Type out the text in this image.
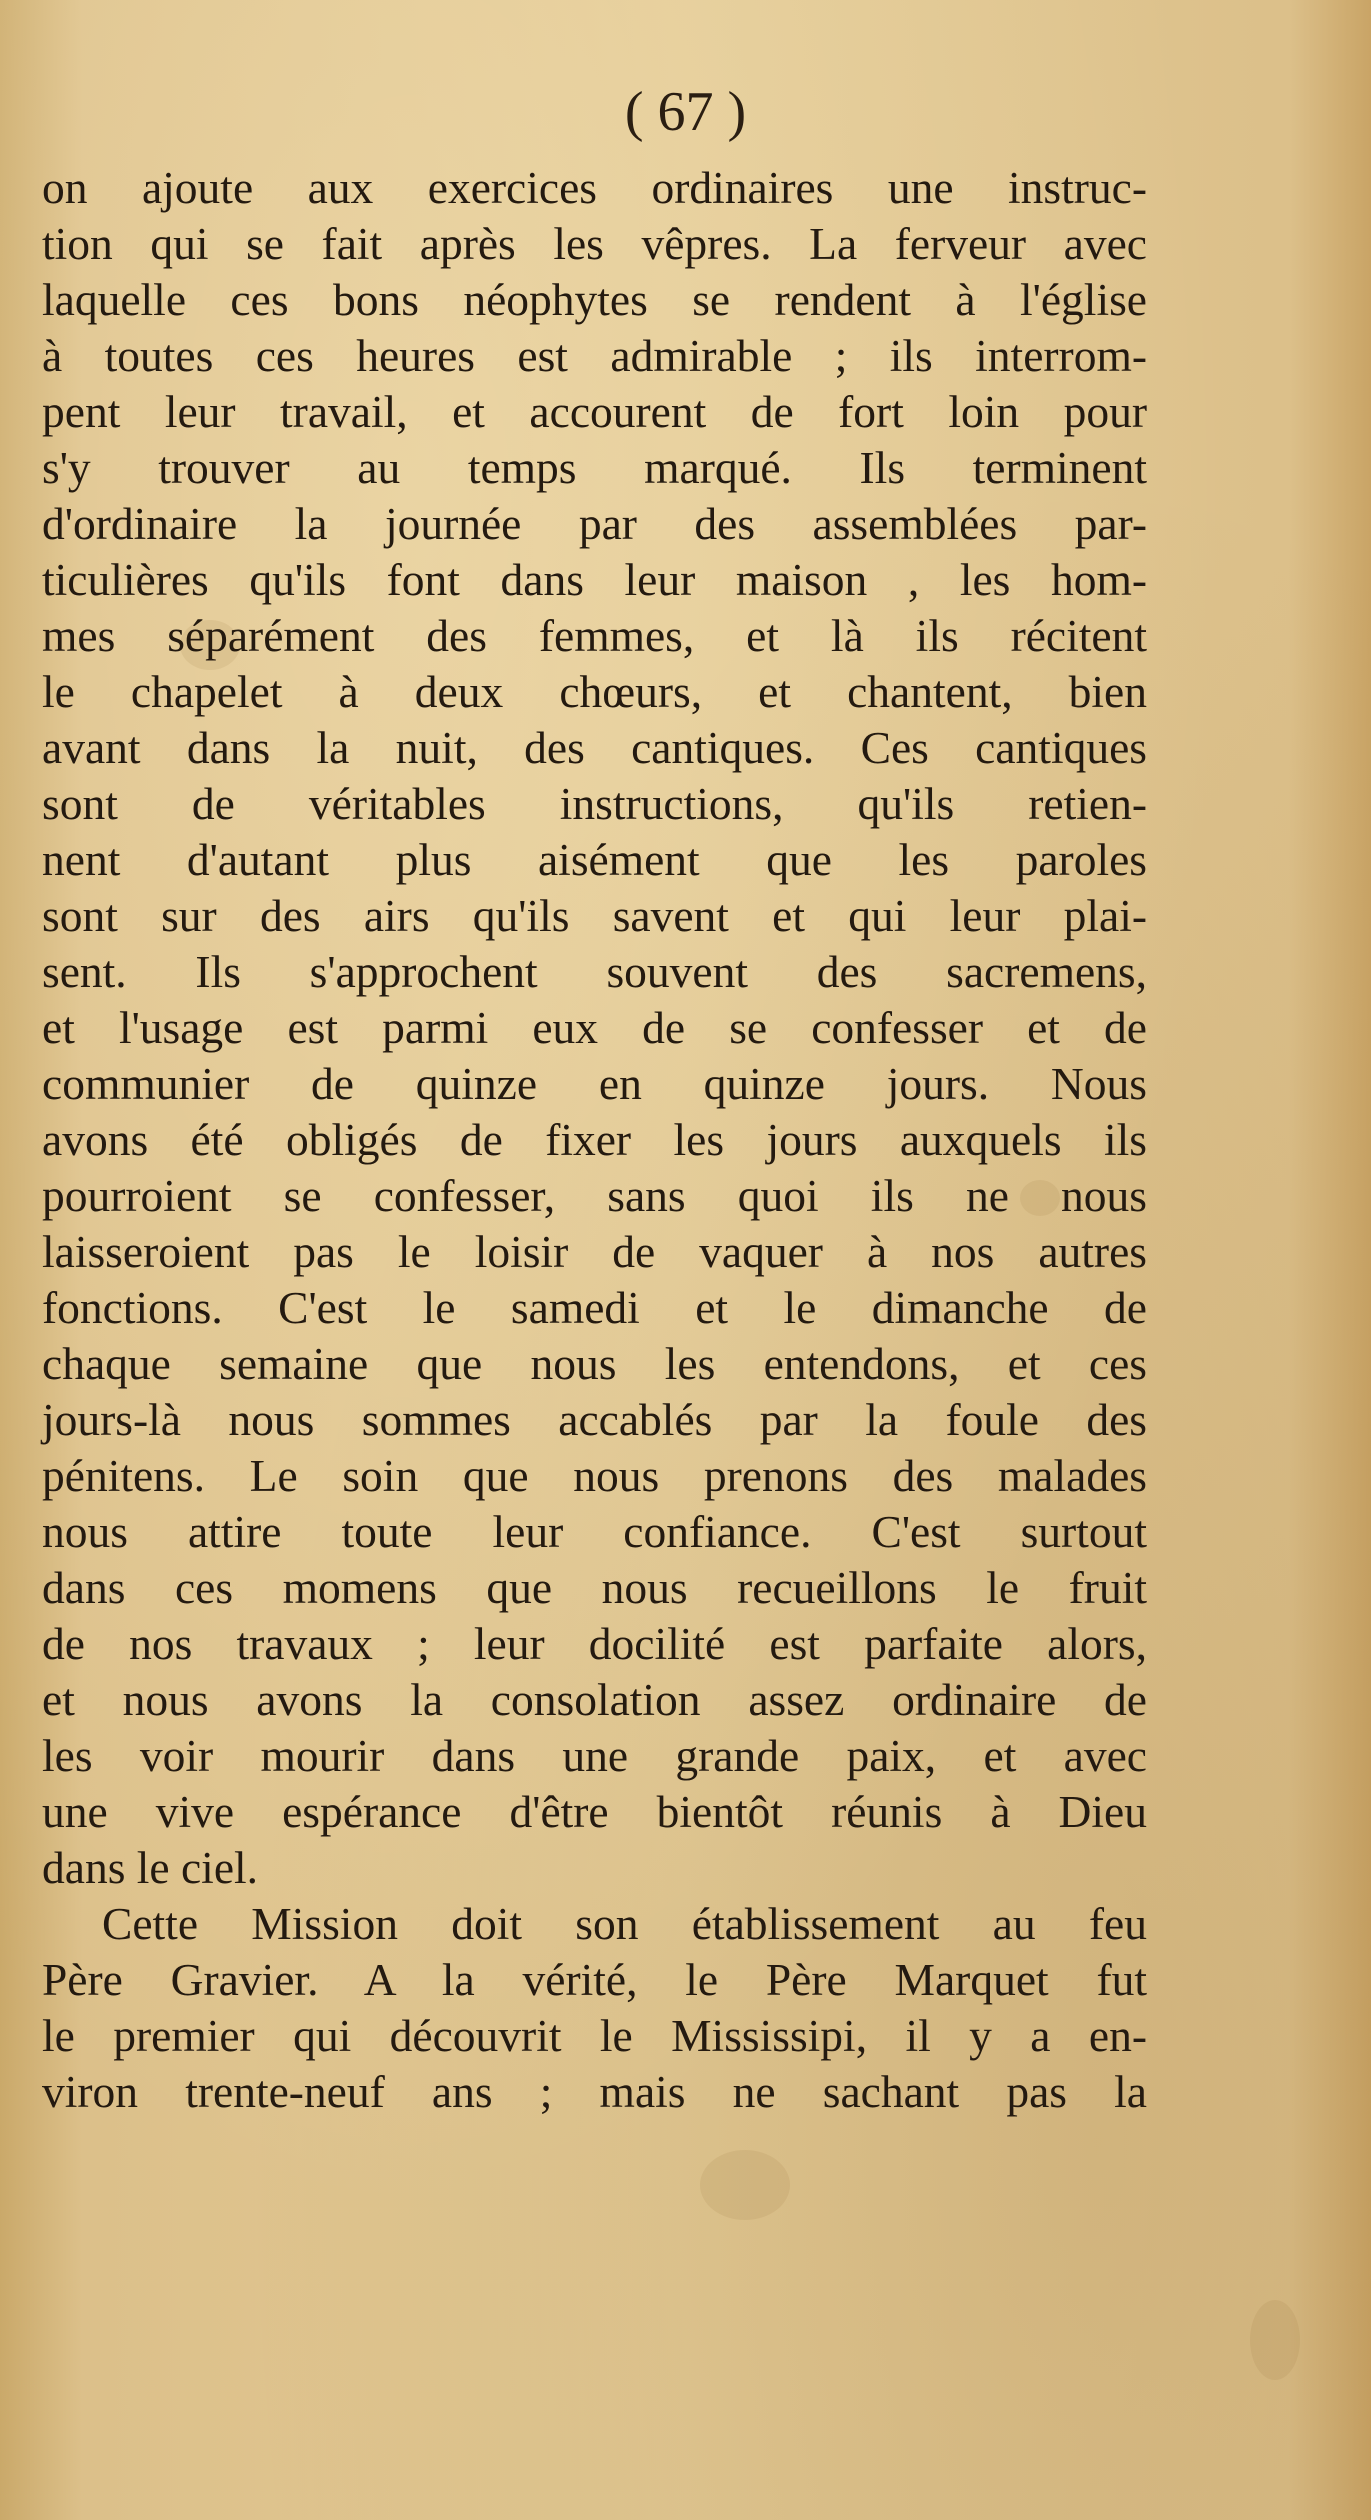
( 67 )
on ajoute aux exercices ordinaires une instruc-
tion qui se fait après les vêpres. La ferveur avec
laquelle ces bons néophytes se rendent à l'église
à toutes ces heures est admirable ; ils interrom-
pent leur travail, et accourent de fort loin pour
s'y trouver au temps marqué. Ils terminent
d'ordinaire la journée par des assemblées par-
ticulières qu'ils font dans leur maison , les hom-
mes séparément des femmes, et là ils récitent
le chapelet à deux chœurs, et chantent, bien
avant dans la nuit, des cantiques. Ces cantiques
sont de véritables instructions, qu'ils retien-
nent d'autant plus aisément que les paroles
sont sur des airs qu'ils savent et qui leur plai-
sent. Ils s'approchent souvent des sacremens,
et l'usage est parmi eux de se confesser et de
communier de quinze en quinze jours. Nous
avons été obligés de fixer les jours auxquels ils
pourroient se confesser, sans quoi ils ne nous
laisseroient pas le loisir de vaquer à nos autres
fonctions. C'est le samedi et le dimanche de
chaque semaine que nous les entendons, et ces
jours-là nous sommes accablés par la foule des
pénitens. Le soin que nous prenons des malades
nous attire toute leur confiance. C'est surtout
dans ces momens que nous recueillons le fruit
de nos travaux ; leur docilité est parfaite alors,
et nous avons la consolation assez ordinaire de
les voir mourir dans une grande paix, et avec
une vive espérance d'être bientôt réunis à Dieu
dans le ciel.
Cette Mission doit son établissement au feu
Père Gravier. A la vérité, le Père Marquet fut
le premier qui découvrit le Mississipi, il y a en-
viron trente-neuf ans ; mais ne sachant pas la
